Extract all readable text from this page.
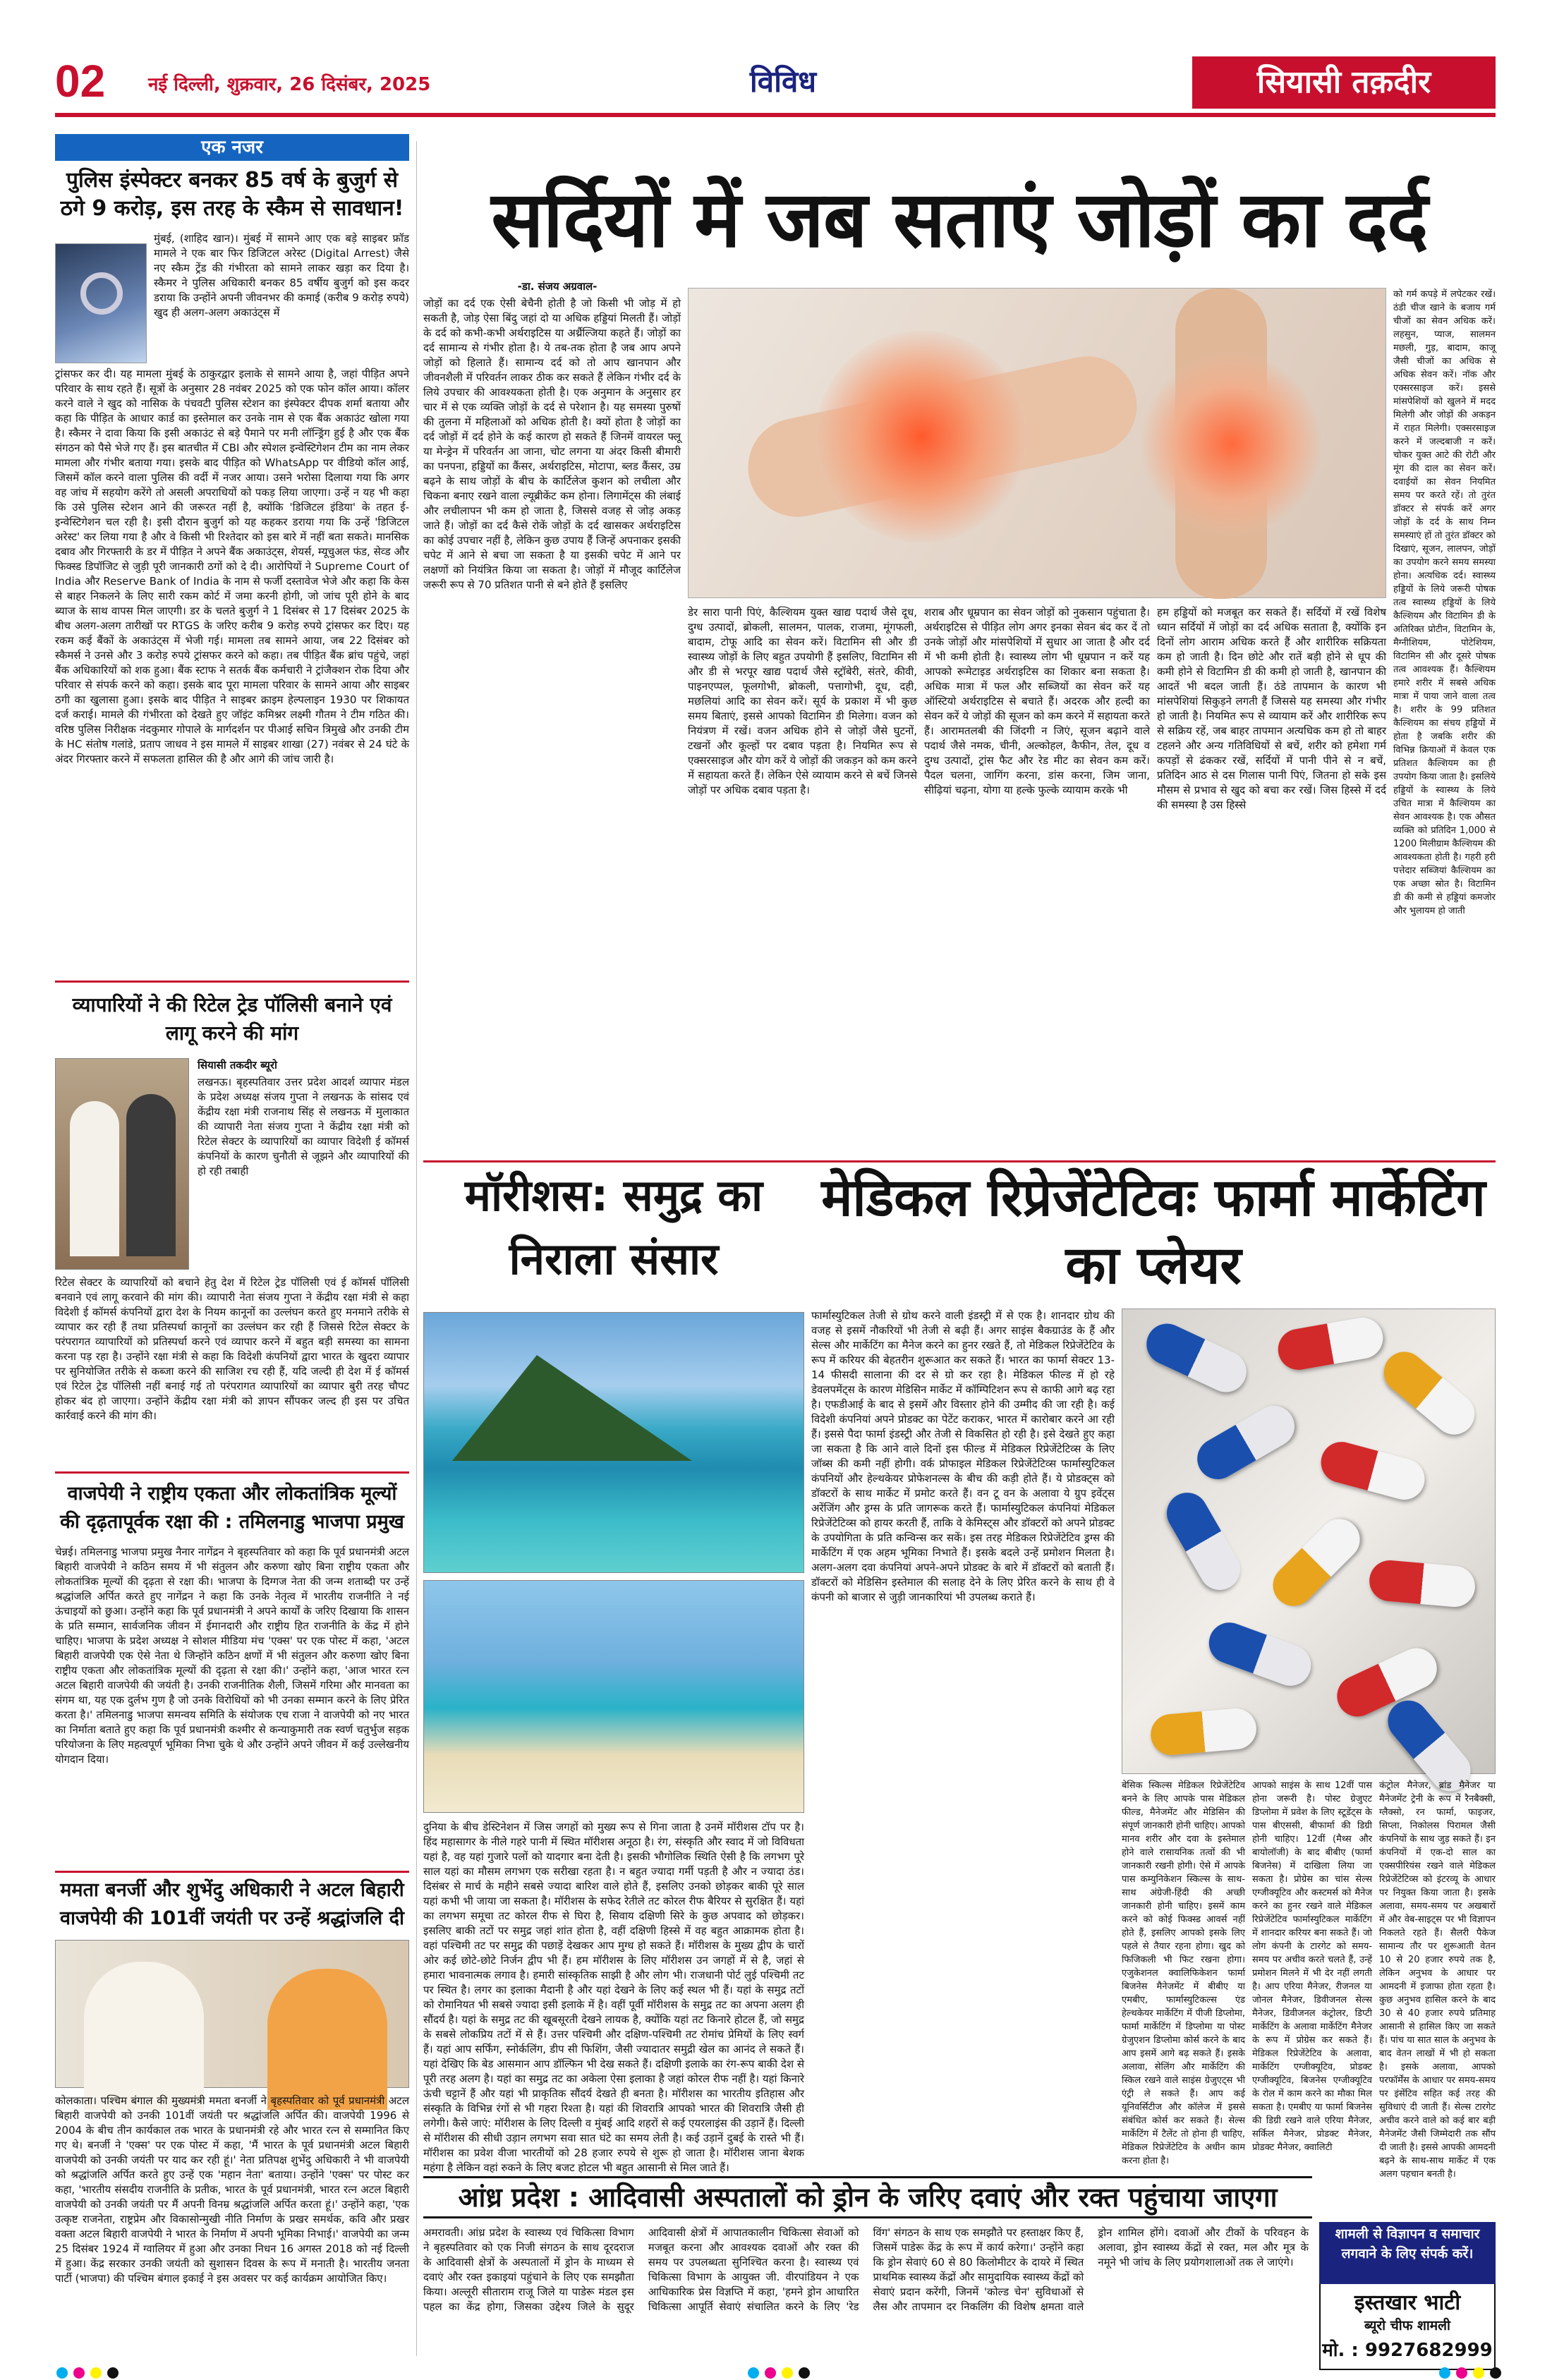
02	नई दिल्ली, शुक्रवार, 26 दिसंबर, 2025	विविध	सियासी तक़दीर
एक नजर
पुलिस इंस्पेक्टर बनकर 85 वर्ष के बुजुर्ग से ठगे 9 करोड़, इस तरह के स्कैम से सावधान!
मुंबई, (शाहिद खान)। मुंबई में सामने आए एक बड़े साइबर फ्रॉड मामले ने एक बार फिर डिजिटल अरेस्ट (Digital Arrest) जैसे नए स्कैम ट्रेंड की गंभीरता को सामने लाकर खड़ा कर दिया है। स्कैमर ने पुलिस अधिकारी बनकर 85 वर्षीय बुजुर्ग को इस कदर डराया कि उन्होंने अपनी जीवनभर की कमाई (करीब 9 करोड़ रुपये) खुद ही अलग-अलग अकाउंट्स में
ट्रांसफर कर दी। यह मामला मुंबई के ठाकुरद्वार इलाके से सामने आया है, जहां पीड़ित अपने परिवार के साथ रहते हैं। सूत्रों के अनुसार 28 नवंबर 2025 को एक फोन कॉल आया। कॉलर करने वाले ने खुद को नासिक के पंचवटी पुलिस स्टेशन का इंस्पेक्टर दीपक शर्मा बताया और कहा कि पीड़ित के आधार कार्ड का इस्तेमाल कर उनके नाम से एक बैंक अकाउंट खोला गया है। स्कैमर ने दावा किया कि इसी अकाउंट से बड़े पैमाने पर मनी लॉन्ड्रिंग हुई है और एक बैंक संगठन को पैसे भेजे गए हैं। इस बातचीत में CBI और स्पेशल इन्वेस्टिगेशन टीम का नाम लेकर मामला और गंभीर बताया गया। इसके बाद पीड़ित को WhatsApp पर वीडियो कॉल आई, जिसमें कॉल करने वाला पुलिस की वर्दी में नजर आया। उसने भरोसा दिलाया गया कि अगर वह जांच में सहयोग करेंगे तो असली अपराधियों को पकड़ लिया जाएगा। उन्हें न यह भी कहा कि उसे पुलिस स्टेशन आने की जरूरत नहीं है, क्योंकि 'डिजिटल इंडिया' के तहत ई-इन्वेस्टिगेशन चल रही है। इसी दौरान बुजुर्ग को यह कहकर डराया गया कि उन्हें 'डिजिटल अरेस्ट' कर लिया गया है और वे किसी भी रिश्तेदार को इस बारे में नहीं बता सकते। मानसिक दबाव और गिरफ्तारी के डर में पीड़ित ने अपने बैंक अकाउंट्स, शेयर्स, म्यूचुअल फंड, सेव्ड और फिक्स्ड डिपॉजिट से जुड़ी पूरी जानकारी ठगों को दे दी। आरोपियों ने Supreme Court of India और Reserve Bank of India के नाम से फर्जी दस्तावेज भेजे और कहा कि केस से बाहर निकलने के लिए सारी रकम कोर्ट में जमा करनी होगी, जो जांच पूरी होने के बाद ब्याज के साथ वापस मिल जाएगी। डर के चलते बुजुर्ग ने 1 दिसंबर से 17 दिसंबर 2025 के बीच अलग-अलग तारीखों पर RTGS के जरिए करीब 9 करोड़ रुपये ट्रांसफर कर दिए। यह रकम कई बैंकों के अकाउंट्स में भेजी गई। मामला तब सामने आया, जब 22 दिसंबर को स्कैमर्स ने उनसे और 3 करोड़ रुपये ट्रांसफर करने को कहा। तब पीड़ित बैंक ब्रांच पहुंचे, जहां बैंक अधिकारियों को शक हुआ। बैंक स्टाफ ने सतर्क बैंक कर्मचारी ने ट्रांजैक्शन रोक दिया और परिवार से संपर्क करने को कहा। इसके बाद पूरा मामला परिवार के सामने आया और साइबर ठगी का खुलासा हुआ। इसके बाद पीड़ित ने साइबर क्राइम हेल्पलाइन 1930 पर शिकायत दर्ज कराई। मामले की गंभीरता को देखते हुए जॉइंट कमिश्नर लक्ष्मी गौतम ने टीम गठित की। वरिष्ठ पुलिस निरीक्षक नंदकुमार गोपाले के मार्गदर्शन पर पीआई सचिन त्रिमुखे और उनकी टीम के HC संतोष गलांडे, प्रताप जाधव ने इस मामले में साइबर शाखा (27) नवंबर से 24 घंटे के अंदर गिरफ्तार करने में सफलता हासिल की है और आगे की जांच जारी है।
व्यापारियों ने की रिटेल ट्रेड पॉलिसी बनाने एवं लागू करने की मांग
सियासी तकदीर ब्यूरो
लखनऊ। बृहस्पतिवार उत्तर प्रदेश आदर्श व्यापार मंडल के प्रदेश अध्यक्ष संजय गुप्ता ने लखनऊ के सांसद एवं केंद्रीय रक्षा मंत्री राजनाथ सिंह से लखनऊ में मुलाकात की व्यापारी नेता संजय गुप्ता ने केंद्रीय रक्षा मंत्री को रिटेल सेक्टर के व्यापारियों का व्यापार विदेशी ई कॉमर्स कंपनियों के कारण चुनौती से जूझने और व्यापारियों की हो रही तबाही
रिटेल सेक्टर के व्यापारियों को बचाने हेतु देश में रिटेल ट्रेड पॉलिसी एवं ई कॉमर्स पॉलिसी बनवाने एवं लागू करवाने की मांग की। व्यापारी नेता संजय गुप्ता ने केंद्रीय रक्षा मंत्री से कहा विदेशी ई कॉमर्स कंपनियों द्वारा देश के नियम कानूनों का उल्लंघन करते हुए मनमाने तरीके से व्यापार कर रही हैं तथा प्रतिस्पर्धा कानूनों का उल्लंघन कर रही हैं जिससे रिटेल सेक्टर के परंपरागत व्यापारियों को प्रतिस्पर्धा करने एवं व्यापार करने में बहुत बड़ी समस्या का सामना करना पड़ रहा है। उन्होंने रक्षा मंत्री से कहा कि विदेशी कंपनियों द्वारा भारत के खुदरा व्यापार पर सुनियोजित तरीके से कब्जा करने की साजिश रच रही हैं, यदि जल्दी ही देश में ई कॉमर्स एवं रिटेल ट्रेड पॉलिसी नहीं बनाई गई तो परंपरागत व्यापारियों का व्यापार बुरी तरह चौपट होकर बंद हो जाएगा। उन्होंने केंद्रीय रक्षा मंत्री को ज्ञापन सौंपकर जल्द ही इस पर उचित कार्रवाई करने की मांग की।
वाजपेयी ने राष्ट्रीय एकता और लोकतांत्रिक मूल्यों की दृढ़तापूर्वक रक्षा की : तमिलनाडु भाजपा प्रमुख
चेन्नई। तमिलनाडु भाजपा प्रमुख नैनार नागेंद्रन ने बृहस्पतिवार को कहा कि पूर्व प्रधानमंत्री अटल बिहारी वाजपेयी ने कठिन समय में भी संतुलन और करुणा खोए बिना राष्ट्रीय एकता और लोकतांत्रिक मूल्यों की दृढ़ता से रक्षा की। भाजपा के दिग्गज नेता की जन्म शताब्दी पर उन्हें श्रद्धांजलि अर्पित करते हुए नागेंद्रन ने कहा कि उनके नेतृत्व में भारतीय राजनीति ने नई ऊंचाइयों को छुआ। उन्होंने कहा कि पूर्व प्रधानमंत्री ने अपने कार्यों के जरिए दिखाया कि शासन के प्रति सम्मान, सार्वजनिक जीवन में ईमानदारी और राष्ट्रीय हित राजनीति के केंद्र में होने चाहिए। भाजपा के प्रदेश अध्यक्ष ने सोशल मीडिया मंच 'एक्स' पर एक पोस्ट में कहा, 'अटल बिहारी वाजपेयी एक ऐसे नेता थे जिन्होंने कठिन क्षणों में भी संतुलन और करुणा खोए बिना राष्ट्रीय एकता और लोकतांत्रिक मूल्यों की दृढ़ता से रक्षा की।' उन्होंने कहा, 'आज भारत रत्न अटल बिहारी वाजपेयी की जयंती है। उनकी राजनीतिक शैली, जिसमें गरिमा और मानवता का संगम था, यह एक दुर्लभ गुण है जो उनके विरोधियों को भी उनका सम्मान करने के लिए प्रेरित करता है।' तमिलनाडु भाजपा समन्वय समिति के संयोजक एच राजा ने वाजपेयी को नए भारत का निर्माता बताते हुए कहा कि पूर्व प्रधानमंत्री कश्मीर से कन्याकुमारी तक स्वर्ण चतुर्भुज सड़क परियोजना के लिए महत्वपूर्ण भूमिका निभा चुके थे और उन्होंने अपने जीवन में कई उल्लेखनीय योगदान दिया।
ममता बनर्जी और शुभेंदु अधिकारी ने अटल बिहारी वाजपेयी की 101वीं जयंती पर उन्हें श्रद्धांजलि दी
कोलकाता। पश्चिम बंगाल की मुख्यमंत्री ममता बनर्जी ने बृहस्पतिवार को पूर्व प्रधानमंत्री अटल बिहारी वाजपेयी को उनकी 101वीं जयंती पर श्रद्धांजलि अर्पित की। वाजपेयी 1996 से 2004 के बीच तीन कार्यकाल तक भारत के प्रधानमंत्री रहे और भारत रत्न से सम्मानित किए गए थे। बनर्जी ने 'एक्स' पर एक पोस्ट में कहा, 'मैं भारत के पूर्व प्रधानमंत्री अटल बिहारी वाजपेयी को उनकी जयंती पर याद कर रही हूं।' नेता प्रतिपक्ष शुभेंदु अधिकारी ने भी वाजपेयी को श्रद्धांजलि अर्पित करते हुए उन्हें एक 'महान नेता' बताया। उन्होंने 'एक्स' पर पोस्ट कर कहा, 'भारतीय संसदीय राजनीति के प्रतीक, भारत के पूर्व प्रधानमंत्री, भारत रत्न अटल बिहारी वाजपेयी को उनकी जयंती पर मैं अपनी विनम्र श्रद्धांजलि अर्पित करता हूं।' उन्होंने कहा, 'एक उत्कृष्ट राजनेता, राष्ट्रप्रेम और विकासोन्मुखी नीति निर्माण के प्रखर समर्थक, कवि और प्रखर वक्ता अटल बिहारी वाजपेयी ने भारत के निर्माण में अपनी भूमिका निभाई।' वाजपेयी का जन्म 25 दिसंबर 1924 में ग्वालियर में हुआ और उनका निधन 16 अगस्त 2018 को नई दिल्ली में हुआ। केंद्र सरकार उनकी जयंती को सुशासन दिवस के रूप में मनाती है। भारतीय जनता पार्टी (भाजपा) की पश्चिम बंगाल इकाई ने इस अवसर पर कई कार्यक्रम आयोजित किए।
सर्दियों में जब सताएं जोड़ों का दर्द
-डा. संजय अग्रवाल-
जोड़ों का दर्द एक ऐसी बेचैनी होती है जो किसी भी जोड़ में हो सकती है, जोड़ ऐसा बिंदु जहां दो या अधिक हड्डियां मिलती हैं। जोड़ों के दर्द को कभी-कभी अर्थराइटिस या अर्थ्रैल्जिया कहते हैं। जोड़ों का दर्द सामान्य से गंभीर होता है। ये तब-तक होता है जब आप अपने जोड़ों को हिलाते हैं। सामान्य दर्द को तो आप खानपान और जीवनशैली में परिवर्तन लाकर ठीक कर सकते हैं लेकिन गंभीर दर्द के लिये उपचार की आवश्यकता होती है। एक अनुमान के अनुसार हर चार में से एक व्यक्ति जोड़ों के दर्द से परेशान है। यह समस्या पुरुषों की तुलना में महिलाओं को अधिक होती है। क्यों होता है जोड़ों का दर्द जोड़ों में दर्द होने के कई कारण हो सकते हैं जिनमें वायरल फ्लू या मेन्ड्रेन में परिवर्तन आ जाना, चोट लगना या अंदर किसी बीमारी का पनपना, हड्डियों का कैंसर, अर्थराइटिस, मोटापा, ब्लड कैंसर, उम्र बढ़ने के साथ जोड़ों के बीच के कार्टिलेज कुशन को लचीला और चिकना बनाए रखने वाला ल्यूब्रीकेंट कम होना। लिगामेंट्स की लंबाई और लचीलापन भी कम हो जाता है, जिससे वजह से जोड़ अकड़ जाते हैं। जोड़ों का दर्द कैसे रोकें जोड़ों के दर्द खासकर अर्थराइटिस का कोई उपचार नहीं है, लेकिन कुछ उपाय हैं जिन्हें अपनाकर इसकी चपेट में आने से बचा जा सकता है या इसकी चपेट में आने पर लक्षणों को नियंत्रित किया जा सकता है। जोड़ों में मौजूद कार्टिलेज जरूरी रूप से 70 प्रतिशत पानी से बने होते हैं इसलिए
डेर सारा पानी पिएं, कैल्शियम युक्त खाद्य पदार्थ जैसे दूध, दुग्ध उत्पादों, ब्रोकली, सालमन, पालक, राजमा, मूंगफली, बादाम, टोफू आदि का सेवन करें। विटामिन सी और डी स्वास्थ्य जोड़ों के लिए बहुत उपयोगी हैं इसलिए, विटामिन सी और डी से भरपूर खाद्य पदार्थ जैसे स्ट्रॉबेरी, संतरे, कीवी, पाइनएप्पल, फूलगोभी, ब्रोकली, पत्तागोभी, दूध, दही, मछलियां आदि का सेवन करें। सूर्य के प्रकाश में भी कुछ समय बिताएं, इससे आपको विटामिन डी मिलेगा। वजन को नियंत्रण में रखें। वजन अधिक होने से जोड़ों जैसे घुटनों, टखनों और कूल्हों पर दबाव पड़ता है। नियमित रूप से एक्सरसाइज और योग करें ये जोड़ों की जकड़न को कम करने में सहायता करते हैं। लेकिन ऐसे व्यायाम करने से बचें जिनसे जोड़ों पर अधिक दबाव पड़ता है।
शराब और धूम्रपान का सेवन जोड़ों को नुकसान पहुंचाता है। अर्थराइटिस से पीड़ित लोग अगर इनका सेवन बंद कर दें तो उनके जोड़ों और मांसपेशियों में सुधार आ जाता है और दर्द में भी कमी होती है। स्वास्थ्य लोग भी धूम्रपान न करें यह आपको रूमेटाइड अर्थराइटिस का शिकार बना सकता है। अधिक मात्रा में फल और सब्जियों का सेवन करें यह ऑस्टियो अर्थराइटिस से बचाते हैं। अदरक और हल्दी का सेवन करें ये जोड़ों की सूजन को कम करने में सहायता करते हैं। आरामतलबी की जिंदगी न जिएं, सूजन बढ़ाने वाले पदार्थ जैसे नमक, चीनी, अल्कोहल, कैफीन, तेल, दूध व दुग्ध उत्पादों, ट्रांस फैट और रेड मीट का सेवन कम करें। पैदल चलना, जागिंग करना, डांस करना, जिम जाना, सीढ़ियां चढ़ना, योगा या हल्के फुल्के व्यायाम करके भी
हम हड्डियों को मजबूत कर सकते हैं। सर्दियों में रखें विशेष ध्यान सर्दियों में जोड़ों का दर्द अधिक सताता है, क्योंकि इन दिनों लोग आराम अधिक करते हैं और शारीरिक सक्रियता कम हो जाती है। दिन छोटे और रातें बड़ी होने से धूप की कमी होने से विटामिन डी की कमी हो जाती है, खानपान की आदतें भी बदल जाती हैं। ठंडे तापमान के कारण भी मांसपेशियां सिकुड़ने लगती हैं जिससे यह समस्या और गंभीर हो जाती है। नियमित रूप से व्यायाम करें और शारीरिक रूप से सक्रिय रहें, जब बाहर तापमान अत्यधिक कम हो तो बाहर टहलने और अन्य गतिविधियों से बचें, शरीर को हमेशा गर्म कपड़ों से ढंककर रखें, सर्दियों में पानी पीने से न बचें, प्रतिदिन आठ से दस गिलास पानी पिएं, जितना हो सके इस मौसम से प्रभाव से खुद को बचा कर रखें। जिस हिस्से में दर्द की समस्या है उस हिस्से
को गर्म कपड़े में लपेटकर रखें। ठंडी चीज खाने के बजाय गर्म चीजों का सेवन अधिक करें। लहसुन, प्याज, सालमन मछली, गुड़, बादाम, काजू जैसी चीजों का अधिक से अधिक सेवन करें। नॉक और एक्सरसाइज करें। इससे मांसपेशियों को खुलने में मदद मिलेगी और जोड़ों की अकड़न में राहत मिलेगी। एक्सरसाइज करने में जल्दबाजी न करें। चोकर युक्त आटे की रोटी और मूंग की दाल का सेवन करें। दवाईयों का सेवन नियमित समय पर करते रहें। तो तुरंत डॉक्टर से संपर्क करें अगर जोड़ों के दर्द के साथ निम्न समस्याएं हों तो तुरंत डॉक्टर को दिखाएं, सूजन, लालपन, जोड़ों का उपयोग करने समय समस्या होना। अत्यधिक दर्द। स्वास्थ्य हड्डियों के लिये जरूरी पोषक तत्व स्वास्थ्य हड्डियों के लिये कैल्शियम और विटामिन डी के अतिरिक्त प्रोटीन, विटामिन के, मैग्नीशियम, पोटेशियम, विटामिन सी और दूसरे पोषक तत्व आवश्यक हैं। कैल्शियम हमारे शरीर में सबसे अधिक मात्रा में पाया जाने वाला तत्व है। शरीर के 99 प्रतिशत कैल्शियम का संचय हड्डियों में होता है जबकि शरीर की विभिन्न क्रियाओं में केवल एक प्रतिशत कैल्शियम का ही उपयोग किया जाता है। इसलिये हड्डियों के स्वास्थ्य के लिये उचित मात्रा में कैल्शियम का सेवन आवश्यक है। एक औसत व्यक्ति को प्रतिदिन 1,000 से 1200 मिलीग्राम कैल्शियम की आवश्यकता होती है। गहरी हरी पत्तेदार सब्जियां कैल्शियम का एक अच्छा स्रोत है। विटामिन डी की कमी से हड्डियां कमजोर और भुलायम हो जाती
मॉरीशस: समुद्र का निराला संसार
दुनिया के बीच डेस्टिनेशन में जिस जगहों को मुख्य रूप से गिना जाता है उनमें मॉरीशस टॉप पर है। हिंद महासागर के नीले गहरे पानी में स्थित मॉरीशस अनूठा है। रंग, संस्कृति और स्वाद में जो विविधता यहां है, वह यहां गुजारे पलों को यादगार बना देती है। इसकी भौगोलिक स्थिति ऐसी है कि लगभग पूरे साल यहां का मौसम लगभग एक सरीखा रहता है। न बहुत ज्यादा गर्मी पड़ती है और न ज्यादा ठंड। दिसंबर से मार्च के महीने सबसे ज्यादा बारिश वाले होते हैं, इसलिए उनको छोड़कर बाकी पूरे साल यहां कभी भी जाया जा सकता है। मॉरीशस के सफेद रेतीले तट कोरल रीफ बैरियर से सुरक्षित हैं। यहां का लगभग समूचा तट कोरल रीफ से घिरा है, सिवाय दक्षिणी सिरे के कुछ अपवाद को छोड़कर। इसलिए बाकी तटों पर समुद्र जहां शांत होता है, वहीं दक्षिणी हिस्से में वह बहुत आक्रामक होता है। वहां पश्चिमी तट पर समुद्र की पछाड़ें देखकर आप मुग्ध हो सकते हैं। मॉरीशस के मुख्य द्वीप के चारों ओर कई छोटे-छोटे निर्जन द्वीप भी हैं। हम मॉरीशस के लिए मॉरीशस उन जगहों में से है, जहां से हमारा भावनात्मक लगाव है। हमारी सांस्कृतिक साझी है और लोग भी। राजधानी पोर्ट लुई पश्चिमी तट पर स्थित है। लगर का इलाका मैदानी है और यहां देखने के लिए कई स्थल भी हैं। यहां के समुद्र तटों को रोमानियत भी सबसे ज्यादा इसी इलाके में है। वहीं पूर्वी मॉरीशस के समुद्र तट का अपना अलग ही सौंदर्य है। यहां के समुद्र तट की खूबसूरती देखने लायक है, क्योंकि यहां तट किनारे होटल हैं, जो समुद्र के सबसे लोकप्रिय तटों में से हैं। उत्तर पश्चिमी और दक्षिण-पश्चिमी तट रोमांच प्रेमियों के लिए स्वर्ग हैं। यहां आप सर्फिंग, स्नोर्कलिंग, डीप सी फिशिंग, जैसी ज्यादातर समुद्री खेल का आनंद ले सकते हैं। यहां देखिए कि बेड आसमान आप डॉल्फिन भी देख सकते हैं। दक्षिणी इलाके का रंग-रूप बाकी देश से पूरी तरह अलग है। यहां का समुद्र तट का अकेला ऐसा इलाका है जहां कोरल रीफ नहीं है। यहां किनारे ऊंची चट्टानें हैं और यहां भी प्राकृतिक सौंदर्य देखते ही बनता है। मॉरीशस का भारतीय इतिहास और संस्कृति के विभिन्न रंगों से भी गहरा रिश्ता है। यहां की शिवरात्रि आपको भारत की शिवरात्रि जैसी ही लगेगी। कैसे जाएं: मॉरीशस के लिए दिल्ली व मुंबई आदि शहरों से कई एयरलाइंस की उड़ानें हैं। दिल्ली से मॉरीशस की सीधी उड़ान लगभग सवा सात घंटे का समय लेती है। कई उड़ानें दुबई के रास्ते भी हैं। मॉरीशस का प्रवेश वीजा भारतीयों को 28 हजार रुपये से शुरू हो जाता है। मॉरीशस जाना बेशक महंगा है लेकिन वहां रुकने के लिए बजट होटल भी बहुत आसानी से मिल जाते हैं।
मेडिकल रिप्रेजेंटेटिवः फार्मा मार्केटिंग का प्लेयर
फार्मास्युटिकल तेजी से ग्रोथ करने वाली इंडस्ट्री में से एक है। शानदार ग्रोथ की वजह से इसमें नौकरियों भी तेजी से बढ़ी हैं। अगर साइंस बैकग्राउंड के हैं और सेल्स और मार्केटिंग का मैनेज करने का हुनर रखते हैं, तो मेडिकल रिप्रेजेंटेटिव के रूप में करियर की बेहतरीन शुरूआत कर सकते हैं। भारत का फार्मा सेक्टर 13-14 फीसदी सालाना की दर से ग्रो कर रहा है। मेडिकल फील्ड में हो रहे डेवलपमेंट्स के कारण मेडिसिन मार्केट में कॉम्पिटिशन रूप से काफी आगे बढ़ रहा है। एफडीआई के बाद से इसमें और विस्तार होने की उम्मीद की जा रही है। कई विदेशी कंपनियां अपने प्रोडक्ट का पेटेंट कराकर, भारत में कारोबार करने आ रही हैं। इससे पैदा फार्मा इंडस्ट्री और तेजी से विकसित हो रही है। इसे देखते हुए कहा जा सकता है कि आने वाले दिनों इस फील्ड में मेडिकल रिप्रेजेंटेटिव्स के लिए जॉब्स की कमी नहीं होगी। वर्क प्रोफाइल मेडिकल रिप्रेजेंटेटिव्स फार्मास्युटिकल कंपनियों और हेल्थकेयर प्रोफेशनल्स के बीच की कड़ी होते हैं। ये प्रोडक्ट्स को डॉक्टरों के साथ मार्केट में प्रमोट करते हैं। वन टू वन के अलावा ये ग्रुप इवेंट्स अरेंजिंग और ड्रग्स के प्रति जागरूक करते हैं। फार्मास्युटिकल कंपनियां मेडिकल रिप्रेजेंटेटिव्स को हायर करती हैं, ताकि वे केमिस्ट्स और डॉक्टरों को अपने प्रोडक्ट के उपयोगिता के प्रति कन्विन्स कर सकें। इस तरह मेडिकल रिप्रेजेंटेटिव ड्रग्स की मार्केटिंग में एक अहम भूमिका निभाते हैं। इसके बदले उन्हें प्रमोशन मिलता है। अलग-अलग दवा कंपनियां अपने-अपने प्रोडक्ट के बारे में डॉक्टरों को बताती हैं। डॉक्टरों को मेडिसिन इस्तेमाल की सलाह देने के लिए प्रेरित करने के साथ ही वे कंपनी को बाजार से जुड़ी जानकारियां भी उपलब्ध कराते हैं।
बेसिक स्किल्स मेडिकल रिप्रेजेंटेटिव बनने के लिए आपके पास मेडिकल फील्ड, मैनेजमेंट और मेडिसिन की संपूर्ण जानकारी होनी चाहिए। आपको मानव शरीर और दवा के इस्तेमाल होने वाले रासायनिक तत्वों की भी जानकारी रखनी होगी। ऐसे में आपके पास कम्युनिकेशन स्किल्स के साथ-साथ अंग्रेजी-हिंदी की अच्छी जानकारी होनी चाहिए। इसमें काम करने को कोई फिक्स्ड आवर्स नहीं होते हैं, इसलिए आपको इसके लिए पहले से तैयार रहना होगा। खुद को फिजिकली भी फिट रखना होगा। एजुकेशनल क्वालिफिकेशन फार्मा बिजनेस मैनेजमेंट में बीबीए या एमबीए, फार्मास्युटिकल्स एंड हेल्थकेयर मार्केटिंग में पीजी डिप्लोमा, फार्मा मार्केटिंग में डिप्लोमा या पोस्ट ग्रेजुएशन डिप्लोमा कोर्स करने के बाद आप इसमें आगे बढ़ सकते हैं। इसके अलावा, सेलिंग और मार्केटिंग की स्किल रखने वाले साइंस ग्रेजुएट्स भी एंट्री ले सकते हैं। आप कई यूनिवर्सिटीज और कॉलेज में इससे संबंधित कोर्स कर सकते हैं। सेल्स मार्केटिंग में टैलेंट तो होना ही चाहिए, मेडिकल रिप्रेजेंटेटिव के अधीन काम करना होता है।
आपको साइंस के साथ 12वीं पास होना जरूरी है। पोस्ट ग्रेजुएट डिप्लोमा में प्रवेश के लिए स्टूडेंट्स के पास बीएससी, बीफार्मा की डिग्री होनी चाहिए। 12वीं (मैथ्स और बायोलॉजी) के बाद बीबीए (फार्मा बिजनेस) में दाखिला लिया जा सकता है। प्रोग्रेस का चांस सेल्स एग्जीक्यूटिव और कस्टमर्स को मैनेज करने का हुनर रखने वाले मेडिकल रिप्रेजेंटेटिव फार्मास्युटिकल मार्केटिंग में शानदार करियर बना सकते हैं। जो लोग कंपनी के टारगेट को समय-समय पर अचीव करते चलते हैं, उन्हें प्रमोशन मिलने में भी देर नहीं लगती है। आप एरिया मैनेजर, रीजनल या जोनल मैनेजर, डिवीजनल सेल्स मैनेजर, डिवीजनल कंट्रोलर, डिप्टी मार्केटिंग के अलावा मार्केटिंग मैनेजर के रूप में प्रोग्रेस कर सकते हैं। मेडिकल रिप्रेजेंटेटिव के अलावा, मार्केटिंग एग्जीक्यूटिव, प्रोडक्ट एग्जीक्यूटिव, बिजनेस एग्जीक्यूटिव के रोल में काम करने का मौका मिल सकता है। एमबीए या फार्मा बिजनेस की डिग्री रखने वाले एरिया मैनेजर, सर्किल मैनेजर, प्रोडक्ट मैनेजर, प्रोडक्ट मैनेजर, क्वालिटी
कंट्रोल मैनेजर, ब्रांड मैनेजर या मैनेजमेंट ट्रेनी के रूप में रैनबैक्सी, ग्लैक्सो, रन फार्मा, फाइजर, सिप्ला, निकोलस पिरामल जैसी कंपनियों के साथ जुड़ सकते हैं। इन कंपनियों में एक-दो साल का एक्सपीरियंस रखने वाले मेडिकल रिप्रेजेंटेटिव्स को इंटरव्यू के आधार पर नियुक्त किया जाता है। इसके अलावा, समय-समय पर अखबारों में और वेब-साइट्स पर भी विज्ञापन निकलते रहते हैं। सैलरी पैकेज सामान्य तौर पर शुरूआती वेतन 10 से 20 हजार रुपये तक है, लेकिन अनुभव के आधार पर आमदनी में इजाफा होता रहता है। कुछ अनुभव हासिल करने के बाद 30 से 40 हजार रुपये प्रतिमाह आसानी से हासिल किए जा सकते हैं। पांच या सात साल के अनुभव के बाद वेतन लाखों में भी हो सकता है। इसके अलावा, आपको परफॉर्मेंस के आधार पर समय-समय पर इंसेंटिव सहित कई तरह की सुविधाएं दी जाती हैं। सेल्स टारगेट अचीव करने वाले को कई बार बड़ी मैनेजमेंट जैसी जिम्मेदारी तक सौंप दी जाती है। इससे आपकी आमदनी बढ़ने के साथ-साथ मार्केट में एक अलग पहचान बनती है।
आंध्र प्रदेश : आदिवासी अस्पतालों को ड्रोन के जरिए दवाएं और रक्त पहुंचाया जाएगा
अमरावती। आंध्र प्रदेश के स्वास्थ्य एवं चिकित्सा विभाग ने बृहस्पतिवार को एक निजी संगठन के साथ दूरदराज के आदिवासी क्षेत्रों के अस्पतालों में ड्रोन के माध्यम से दवाएं और रक्त इकाइयां पहुंचाने के लिए एक समझौता किया। अल्लूरी सीताराम राजू जिले या पाडेरू मंडल इस पहल का केंद्र होगा, जिसका उद्देश्य जिले के सुदूर आदिवासी क्षेत्रों में आपातकालीन चिकित्सा सेवाओं को मजबूत करना और आवश्यक दवाओं और रक्त की समय पर उपलब्धता सुनिश्चित करना है। स्वास्थ्य एवं चिकित्सा विभाग के आयुक्त जी. वीरपांडियन ने एक आधिकारिक प्रेस विज्ञप्ति में कहा, 'हमने ड्रोन आधारित चिकित्सा आपूर्ति सेवाएं संचालित करने के लिए 'रेड विंग' संगठन के साथ एक समझौते पर हस्ताक्षर किए हैं, जिसमें पाडेरू केंद्र के रूप में कार्य करेगा।' उन्होंने कहा कि ड्रोन सेवाएं 60 से 80 किलोमीटर के दायरे में स्थित प्राथमिक स्वास्थ्य केंद्रों और सामुदायिक स्वास्थ्य केंद्रों को सेवाएं प्रदान करेंगी, जिनमें 'कोल्ड चेन' सुविधाओं से लैस और तापमान दर निकलिंग की विशेष क्षमता वाले ड्रोन शामिल होंगे। दवाओं और टीकों के परिवहन के अलावा, ड्रोन स्वास्थ्य केंद्रों से रक्त, मल और मूत्र के नमूने भी जांच के लिए प्रयोगशालाओं तक ले जाएंगे।
शामली से विज्ञापन व समाचार लगवाने के लिए संपर्क करें।
इस्तखार भाटी
ब्यूरो चीफ शामली
मो. : 9927682999
